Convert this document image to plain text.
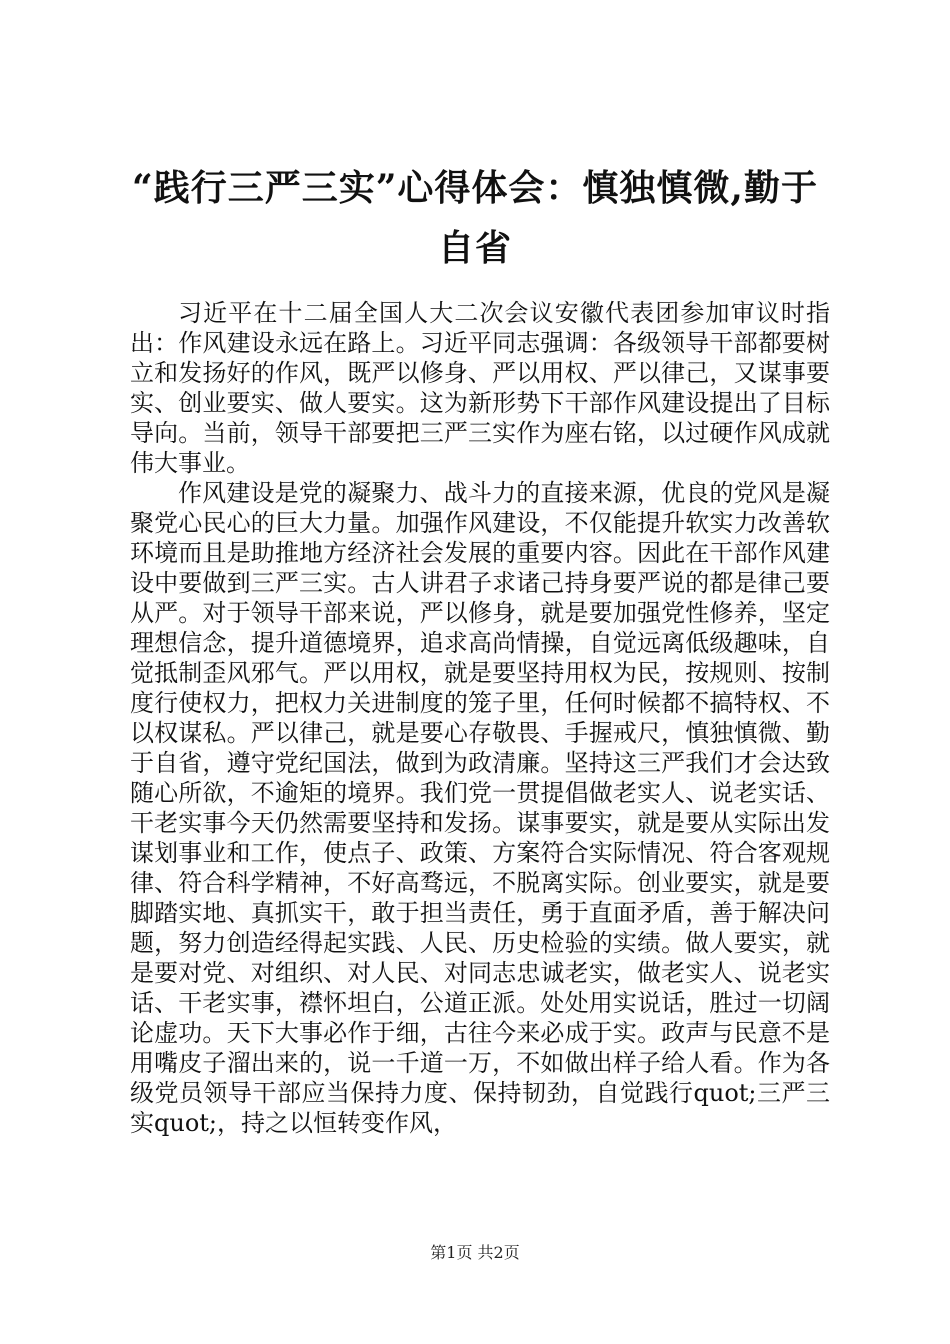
“践行三严三实”心得体会：慎独慎微,勤于自省

习近平在十二届全国人大二次会议安徽代表团参加审议时指出：作风建设永远在路上。习近平同志强调：各级领导干部都要树立和发扬好的作风，既严以修身、严以用权、严以律己，又谋事要实、创业要实、做人要实。这为新形势下干部作风建设提出了目标导向。当前，领导干部要把三严三实作为座右铭，以过硬作风成就伟大事业。

作风建设是党的凝聚力、战斗力的直接来源，优良的党风是凝聚党心民心的巨大力量。加强作风建设，不仅能提升软实力改善软环境而且是助推地方经济社会发展的重要内容。因此在干部作风建设中要做到三严三实。古人讲君子求诸己持身要严说的都是律己要从严。对于领导干部来说，严以修身，就是要加强党性修养，坚定理想信念，提升道德境界，追求高尚情操，自觉远离低级趣味，自觉抵制歪风邪气。严以用权，就是要坚持用权为民，按规则、按制度行使权力，把权力关进制度的笼子里，任何时候都不搞特权、不以权谋私。严以律己，就是要心存敬畏、手握戒尺，慎独慎微、勤于自省，遵守党纪国法，做到为政清廉。坚持这三严我们才会达致随心所欲，不逾矩的境界。我们党一贯提倡做老实人、说老实话、干老实事今天仍然需要坚持和发扬。谋事要实，就是要从实际出发谋划事业和工作，使点子、政策、方案符合实际情况、符合客观规律、符合科学精神，不好高骛远，不脱离实际。创业要实，就是要脚踏实地、真抓实干，敢于担当责任，勇于直面矛盾，善于解决问题，努力创造经得起实践、人民、历史检验的实绩。做人要实，就是要对党、对组织、对人民、对同志忠诚老实，做老实人、说老实话、干老实事，襟怀坦白，公道正派。处处用实说话，胜过一切阔论虚功。天下大事必作于细，古往今来必成于实。政声与民意不是用嘴皮子溜出来的，说一千道一万，不如做出样子给人看。作为各级党员领导干部应当保持力度、保持韧劲，自觉践行quot;三严三实quot;，持之以恒转变作风，

第1页 共2页
